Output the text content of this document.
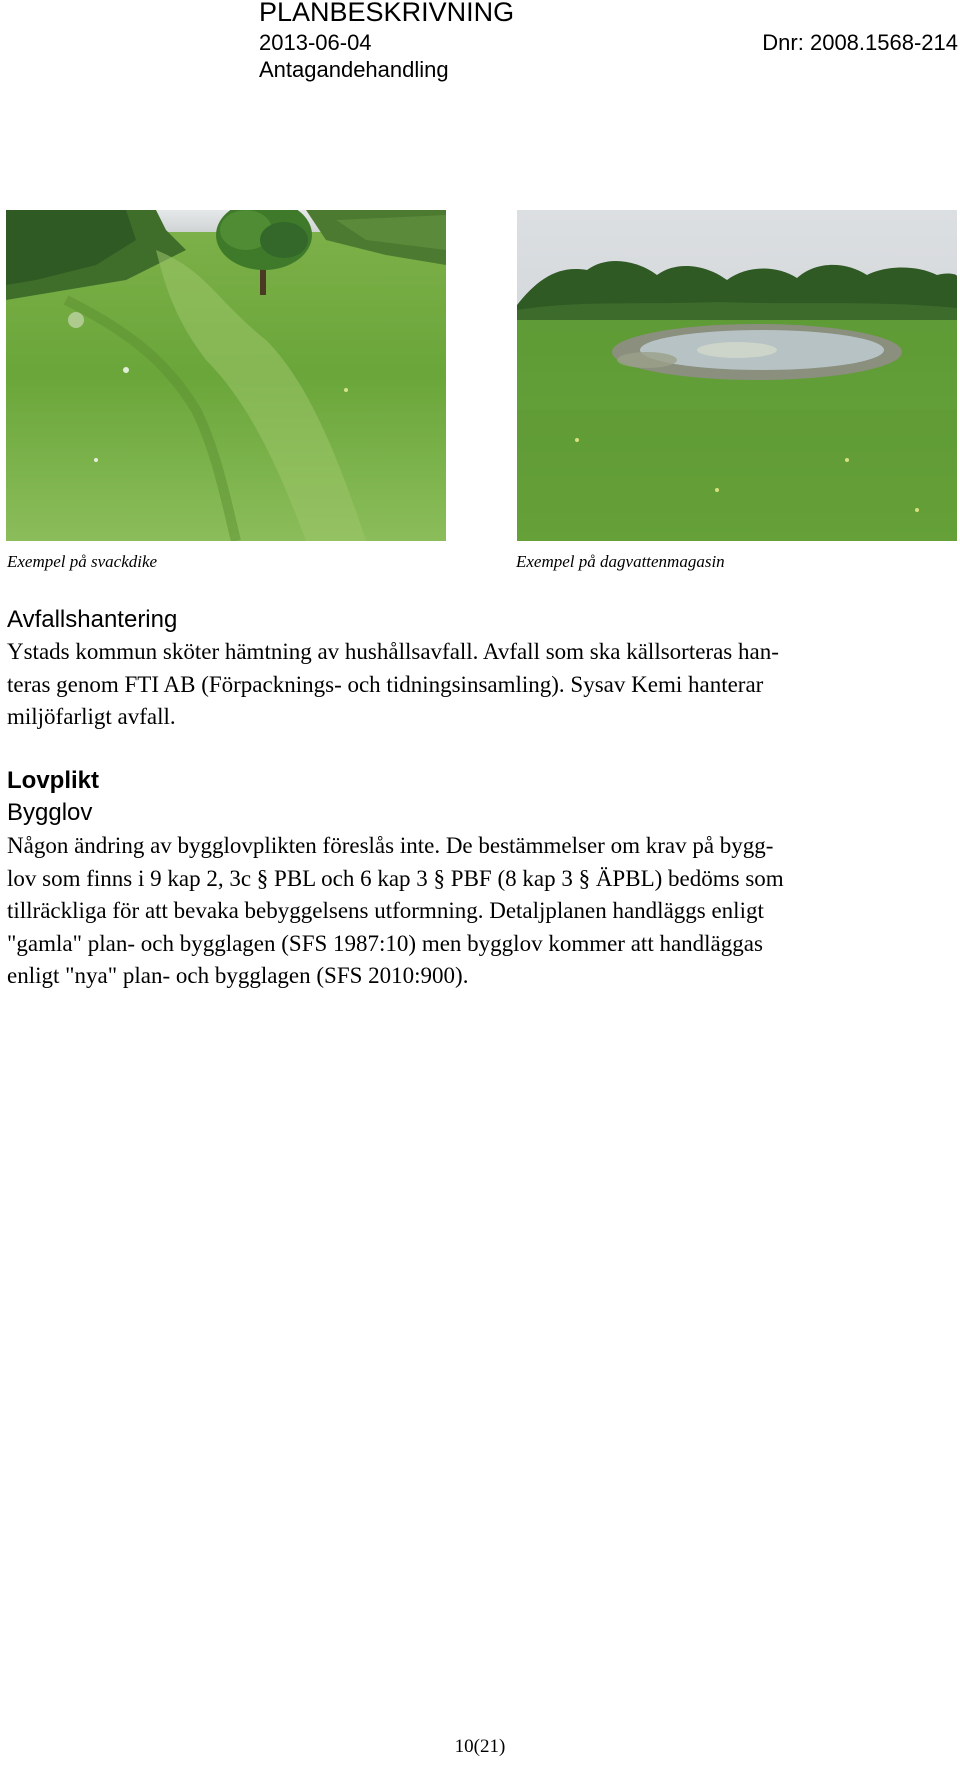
PLANBESKRIVNING
2013-06-04	Dnr: 2008.1568-214
Antagandehandling
Exempel på svackdike	Exempel på dagvattenmagasin
Avfallshantering
Ystads kommun sköter hämtning av hushållsavfall. Avfall som ska källsorteras han-
teras genom FTI AB (Förpacknings- och tidningsinsamling). Sysav Kemi hanterar
miljöfarligt avfall.
Lovplikt
Bygglov
Någon ändring av bygglovplikten föreslås inte. De bestämmelser om krav på bygg-
lov som finns i 9 kap 2, 3c § PBL och 6 kap 3 § PBF (8 kap 3 § ÄPBL) bedöms som
tillräckliga för att bevaka bebyggelsens utformning. Detaljplanen handläggs enligt
"gamla" plan- och bygglagen (SFS 1987:10) men bygglov kommer att handläggas
enligt "nya" plan- och bygglagen (SFS 2010:900).
10(21)
